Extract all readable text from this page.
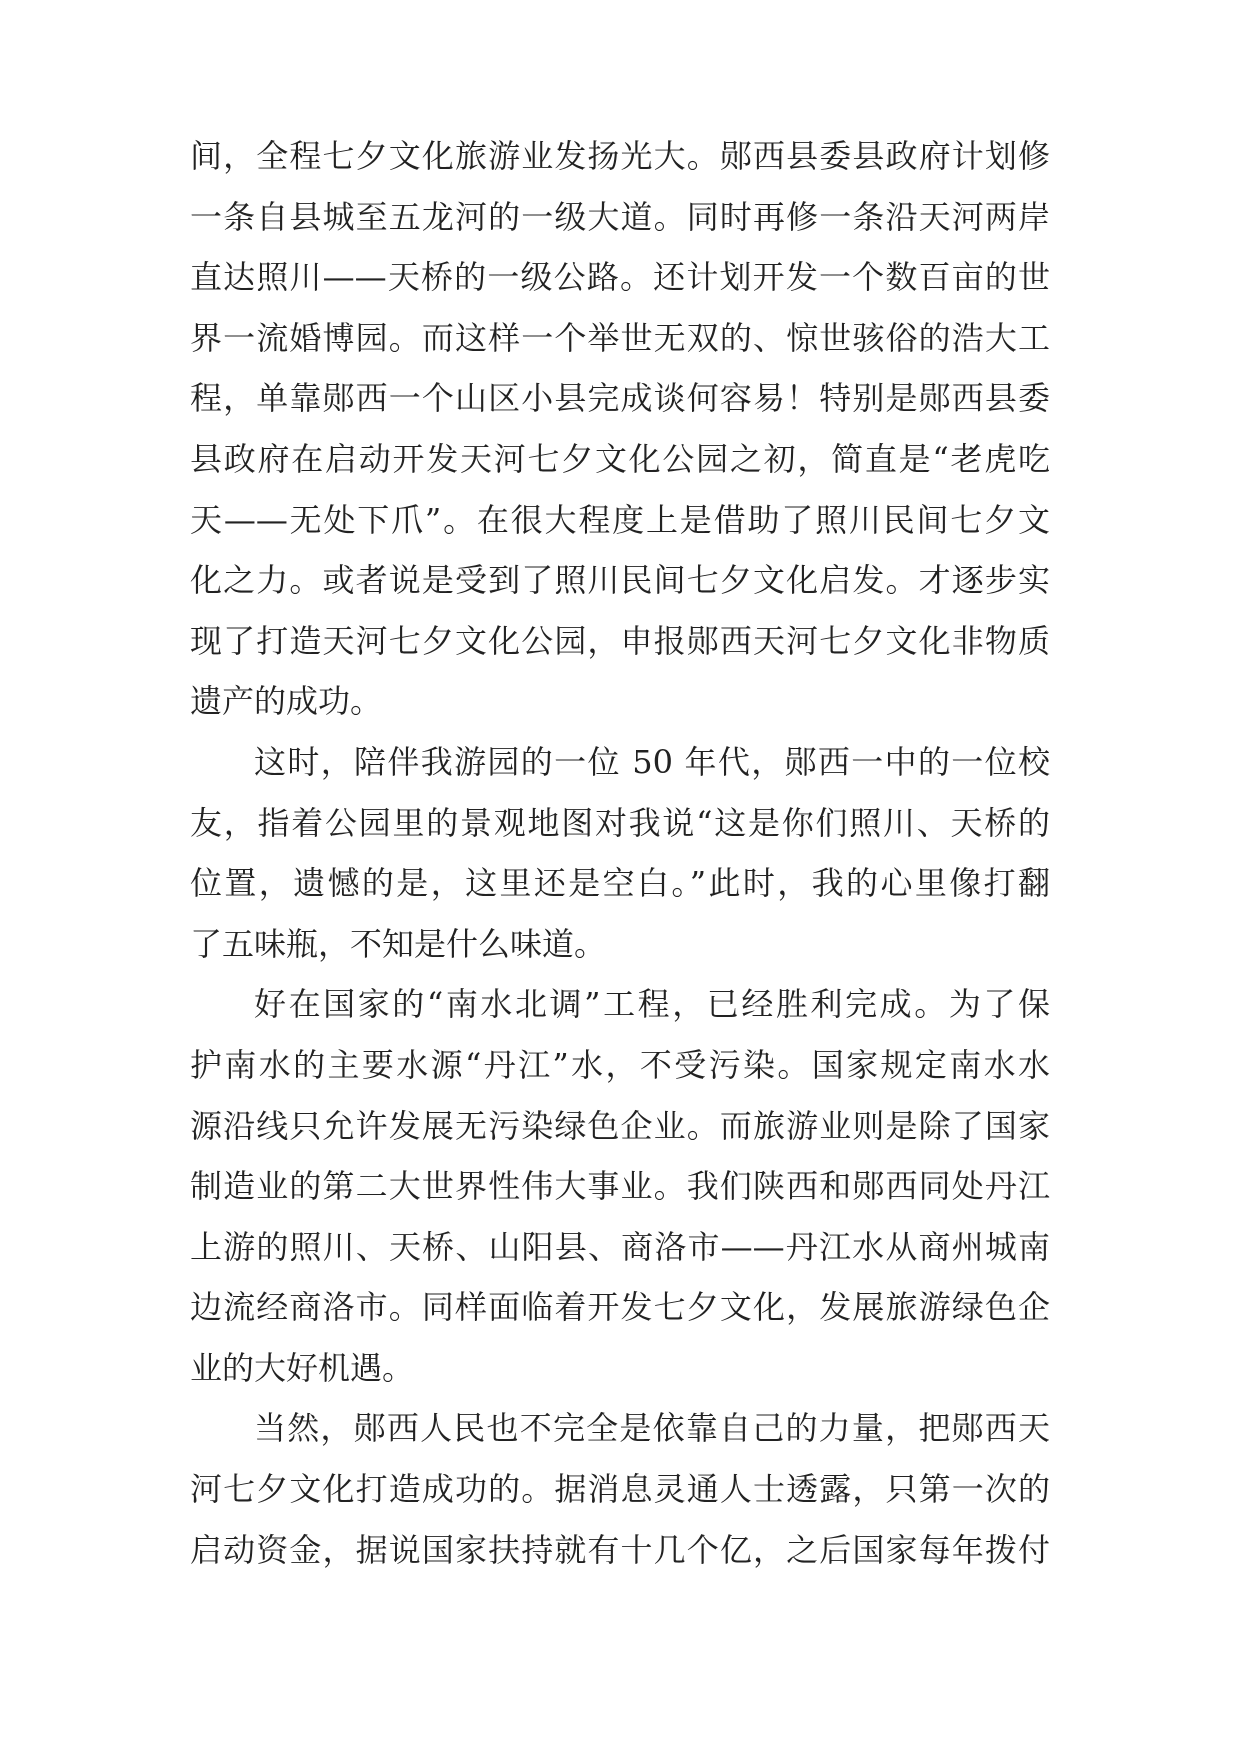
间，全程七夕文化旅游业发扬光大。郧西县委县政府计划修
一条自县城至五龙河的一级大道。同时再修一条沿天河两岸
直达照川——天桥的一级公路。还计划开发一个数百亩的世
界一流婚博园。而这样一个举世无双的、惊世骇俗的浩大工
程，单靠郧西一个山区小县完成谈何容易！特别是郧西县委
县政府在启动开发天河七夕文化公园之初，简直是“老虎吃
天——无处下爪”。在很大程度上是借助了照川民间七夕文
化之力。或者说是受到了照川民间七夕文化启发。才逐步实
现了打造天河七夕文化公园，申报郧西天河七夕文化非物质
遗产的成功。
这时，陪伴我游园的一位 50 年代，郧西一中的一位校
友，指着公园里的景观地图对我说“这是你们照川、天桥的
位置，遗憾的是，这里还是空白。”此时，我的心里像打翻
了五味瓶，不知是什么味道。
好在国家的“南水北调”工程，已经胜利完成。为了保
护南水的主要水源“丹江”水，不受污染。国家规定南水水
源沿线只允许发展无污染绿色企业。而旅游业则是除了国家
制造业的第二大世界性伟大事业。我们陕西和郧西同处丹江
上游的照川、天桥、山阳县、商洛市——丹江水从商州城南
边流经商洛市。同样面临着开发七夕文化，发展旅游绿色企
业的大好机遇。
当然，郧西人民也不完全是依靠自己的力量，把郧西天
河七夕文化打造成功的。据消息灵通人士透露，只第一次的
启动资金，据说国家扶持就有十几个亿，之后国家每年拨付
